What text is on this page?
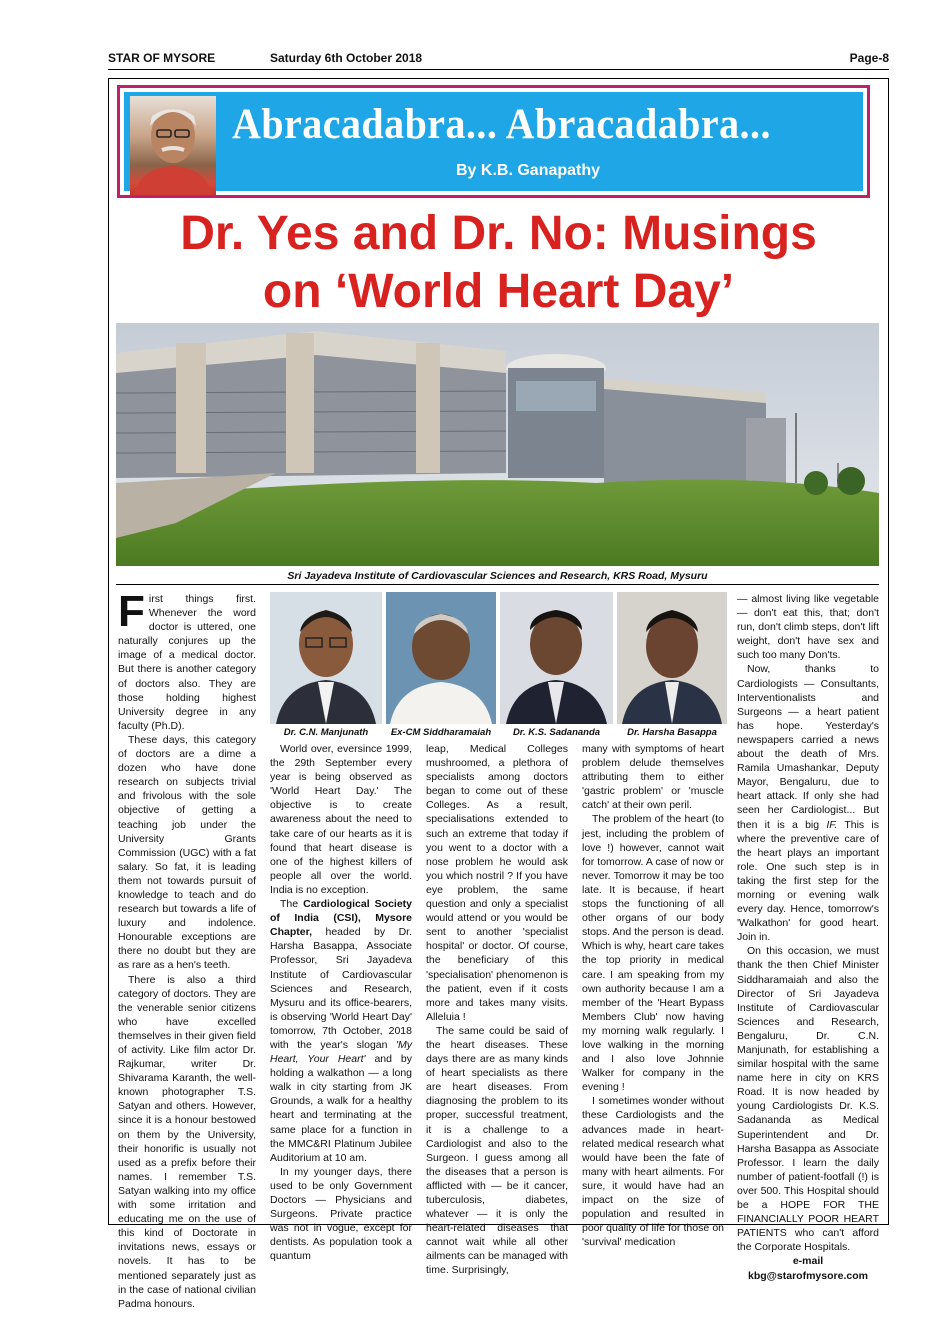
STAR OF MYSORE	Saturday 6th October 2018	Page-8
Abracadabra... Abracadabra...
By K.B. Ganapathy
Dr. Yes and Dr. No: Musings
on ‘World Heart Day’
Sri Jayadeva Institute of Cardiovascular Sciences and Research, KRS Road, Mysuru

First things first. Whenever the word doctor is uttered, one naturally conjures up the image of a medical doctor. But there is another category of doctors also. They are those holding highest University degree in any faculty (Ph.D).

These days, this category of doctors are a dime a dozen who have done research on subjects trivial and frivolous with the sole objective of getting a teaching job under the University Grants Commission (UGC) with a fat salary. So fat, it is leading them not towards pursuit of knowledge to teach and do research but towards a life of luxury and indolence. Honourable exceptions are there no doubt but they are as rare as a hen's teeth.

There is also a third category of doctors. They are the venerable senior citizens who have excelled themselves in their given field of activity. Like film actor Dr. Rajkumar, writer Dr. Shivarama Karanth, the well-known photographer T.S. Satyan and others. However, since it is a honour bestowed on them by the University, their honorific is usually not used as a prefix before their names. I remember T.S. Satyan walking into my office with some irritation and educating me on the use of this kind of Doctorate in invitations news, essays or novels. It has to be mentioned separately just as in the case of national civilian Padma honours.

Dr. C.N. Manjunath	Ex-CM Siddharamaiah	Dr. K.S. Sadananda	Dr. Harsha Basappa

World over, eversince 1999, the 29th September every year is being observed as 'World Heart Day.' The objective is to create awareness about the need to take care of our hearts as it is found that heart disease is one of the highest killers of people all over the world. India is no exception.

The Cardiological Society of India (CSI), Mysore Chapter, headed by Dr. Harsha Basappa, Associate Professor, Sri Jayadeva Institute of Cardiovascular Sciences and Research, Mysuru and its office-bearers, is observing 'World Heart Day' tomorrow, 7th October, 2018 with the year's slogan 'My Heart, Your Heart' and by holding a walkathon — a long walk in city starting from JK Grounds, a walk for a healthy heart and terminating at the same place for a function in the MMC&RI Platinum Jubilee Auditorium at 10 am.

In my younger days, there used to be only Government Doctors — Physicians and Surgeons. Private practice was not in vogue, except for dentists. As population took a quantum

leap, Medical Colleges mushroomed, a plethora of specialists among doctors began to come out of these Colleges. As a result, specialisations extended to such an extreme that today if you went to a doctor with a nose problem he would ask you which nostril ? If you have eye problem, the same question and only a specialist would attend or you would be sent to another 'specialist hospital' or doctor. Of course, the beneficiary of this 'specialisation' phenomenon is the patient, even if it costs more and takes many visits. Alleluia !

The same could be said of the heart diseases. These days there are as many kinds of heart specialists as there are heart diseases. From diagnosing the problem to its proper, successful treatment, it is a challenge to a Cardiologist and also to the Surgeon. I guess among all the diseases that a person is afflicted with — be it cancer, tuberculosis, diabetes, whatever — it is only the heart-related diseases that cannot wait while all other ailments can be managed with time. Surprisingly,

many with symptoms of heart problem delude themselves attributing them to either 'gastric problem' or 'muscle catch' at their own peril.

The problem of the heart (to jest, including the problem of love !) however, cannot wait for tomorrow. A case of now or never. Tomorrow it may be too late. It is because, if heart stops the functioning of all other organs of our body stops. And the person is dead. Which is why, heart care takes the top priority in medical care. I am speaking from my own authority because I am a member of the 'Heart Bypass Members Club' now having my morning walk regularly. I love walking in the morning and I also love Johnnie Walker for company in the evening !

I sometimes wonder without these Cardiologists and the advances made in heart-related medical research what would have been the fate of many with heart ailments. For sure, it would have had an impact on the size of population and resulted in poor quality of life for those on 'survival' medication

— almost living like vegetable — don't eat this, that; don't run, don't climb steps, don't lift weight, don't have sex and such too many Don'ts.

Now, thanks to Cardiologists — Consultants, Interventionalists and Surgeons — a heart patient has hope. Yesterday's newspapers carried a news about the death of Mrs. Ramila Umashankar, Deputy Mayor, Bengaluru, due to heart attack. If only she had seen her Cardiologist... But then it is a big IF. This is where the preventive care of the heart plays an important role. One such step is in taking the first step for the morning or evening walk every day. Hence, tomorrow's 'Walkathon' for good heart. Join in.

On this occasion, we must thank the then Chief Minister Siddharamaiah and also the Director of Sri Jayadeva Institute of Cardiovascular Sciences and Research, Bengaluru, Dr. C.N. Manjunath, for establishing a similar hospital with the same name here in city on KRS Road. It is now headed by young Cardiologists Dr. K.S. Sadananda as Medical Superintendent and Dr. Harsha Basappa as Associate Professor. I learn the daily number of patient-footfall (!) is over 500. This Hospital should be a HOPE FOR THE FINANCIALLY POOR HEART PATIENTS who can't afford the Corporate Hospitals.

e-mail
kbg@starofmysore.com
